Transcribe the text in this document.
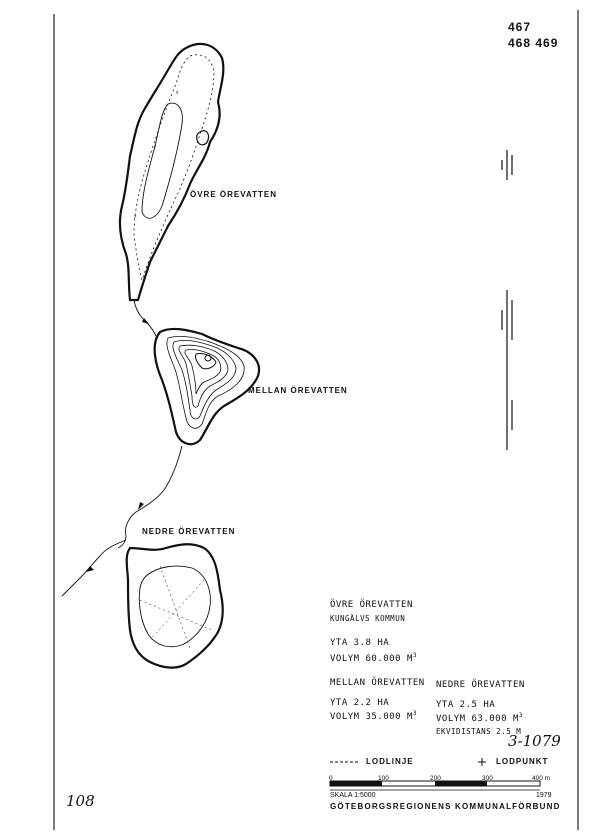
x
x
x
467
468 469
ÖVRE ÖREVATTEN
MELLAN ÖREVATTEN
NEDRE ÖREVATTEN
ÖVRE ÖREVATTEN
KUNGÄLVS KOMMUN
YTA 3.8 HA
VOLYM 60.000 $M^3$
MELLAN ÖREVATTEN
YTA 2.2 HA
VOLYM 35.000 $M^3$
NEDRE ÖREVATTEN
YTA 2.5 HA
VOLYM 63.000 $M^3$
EKVIDISTANS 2.5 M
3-1079
LODLINJE	LODPUNKT
0	100	200	300	400 m
SKALA 1:5000	1979
GÖTEBORGSREGIONENS KOMMUNALFÖRBUND
108
